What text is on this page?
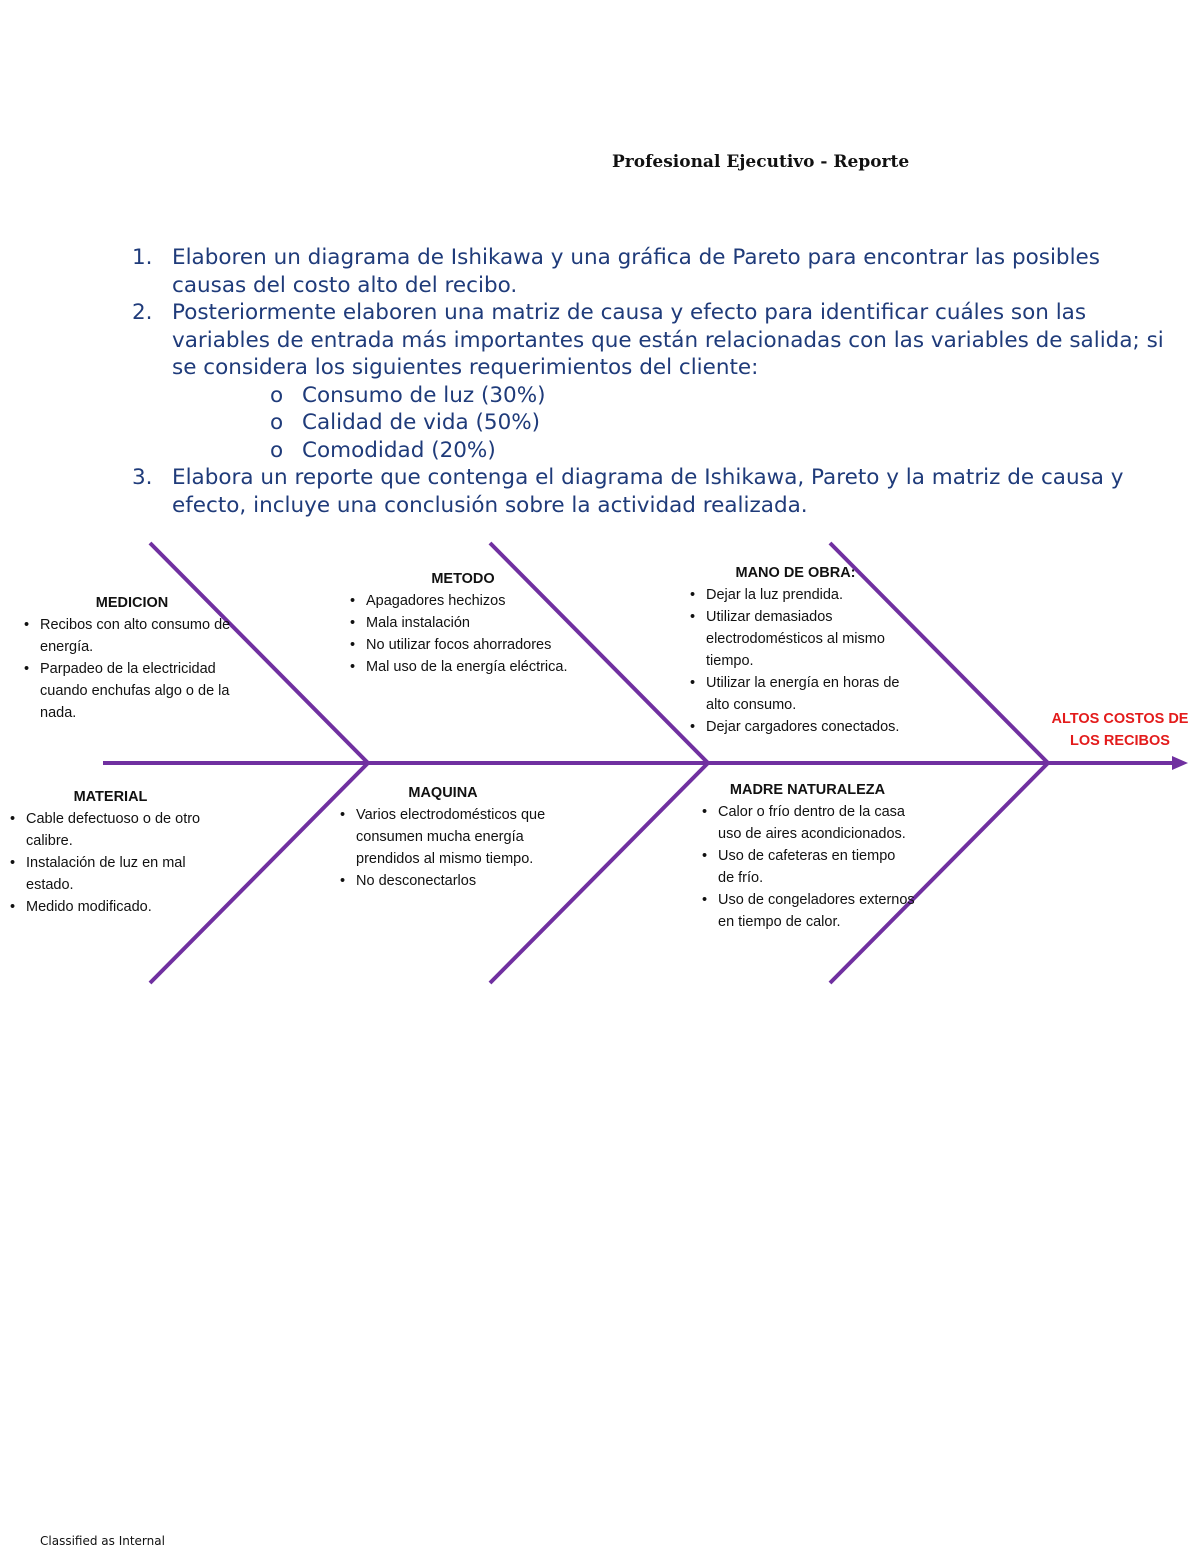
Profesional Ejecutivo - Reporte
1. Elaboren un diagrama de Ishikawa y una gráfica de Pareto para encontrar las posibles causas del costo alto del recibo.
2. Posteriormente elaboren una matriz de causa y efecto para identificar cuáles son las variables de entrada más importantes que están relacionadas con las variables de salida; si se considera los siguientes requerimientos del cliente:
o Consumo de luz (30%)
o Calidad de vida (50%)
o Comodidad (20%)
3. Elabora un reporte que contenga el diagrama de Ishikawa, Pareto y la matriz de causa y efecto, incluye una conclusión sobre la actividad realizada.
MEDICION
• Recibos con alto consumo de energía.
• Parpadeo de la electricidad cuando enchufas algo o de la nada.
METODO
• Apagadores hechizos
• Mala instalación
• No utilizar focos ahorradores
• Mal uso de la energía eléctrica.
MANO DE OBRA:
• Dejar la luz prendida.
• Utilizar demasiados electrodomésticos al mismo tiempo.
• Utilizar la energía en horas de alto consumo.
• Dejar cargadores conectados.
MATERIAL
• Cable defectuoso o de otro calibre.
• Instalación de luz en mal estado.
• Medido modificado.
MAQUINA
• Varios electrodomésticos que consumen mucha energía prendidos al mismo tiempo.
• No desconectarlos
MADRE NATURALEZA
• Calor o frío dentro de la casa uso de aires acondicionados.
• Uso de cafeteras en tiempo de frío.
• Uso de congeladores externos en tiempo de calor.
ALTOS COSTOS DE
LOS RECIBOS
Classified as Internal
